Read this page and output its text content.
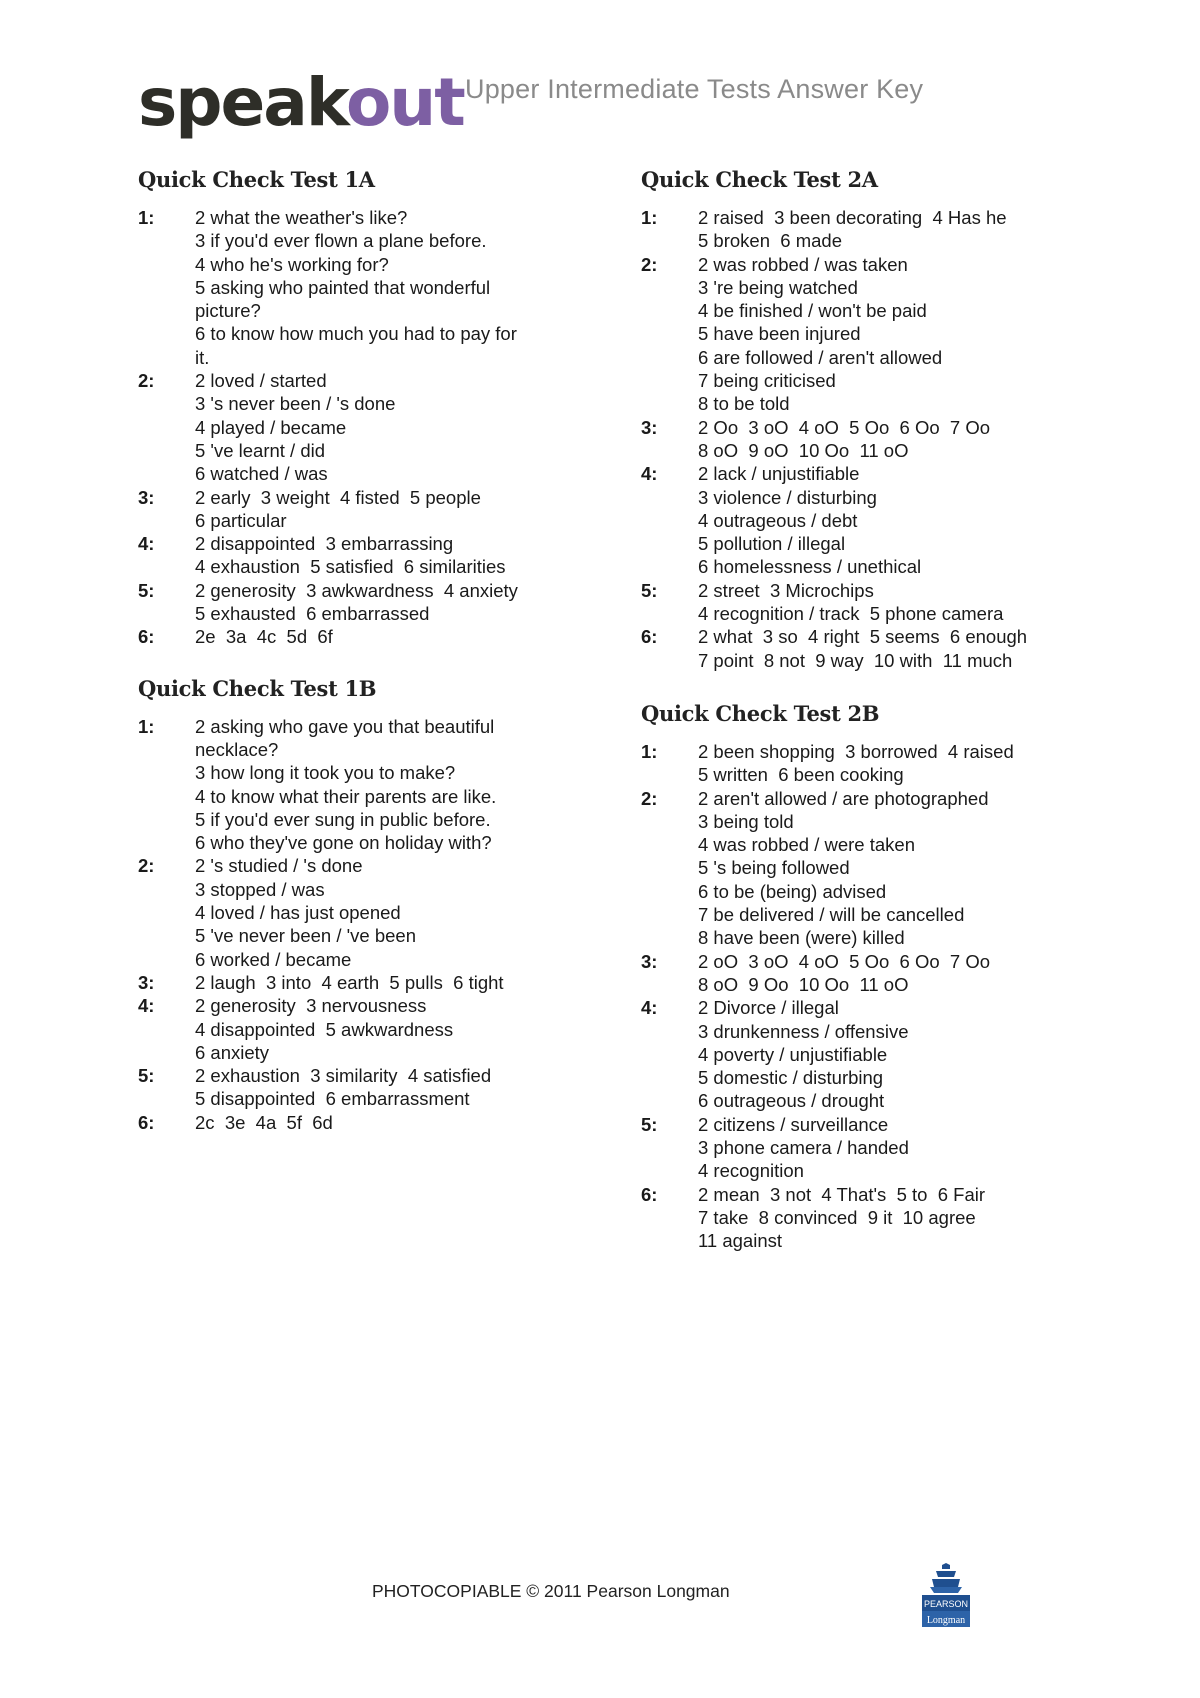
speakout Upper Intermediate Tests Answer Key
Quick Check Test 1A
1:	2 what the weather's like?
3 if you'd ever flown a plane before.
4 who he's working for?
5 asking who painted that wonderful
picture?
6 to know how much you had to pay for
it.
2:	2 loved / started
3 's never been / 's done
4 played / became
5 've learnt / did
6 watched / was
3:	2 early  3 weight  4 fisted  5 people
6 particular
4:	2 disappointed  3 embarrassing
4 exhaustion  5 satisfied  6 similarities
5:	2 generosity  3 awkwardness  4 anxiety
5 exhausted  6 embarrassed
6:	2e  3a  4c  5d  6f
Quick Check Test 1B
1:	2 asking who gave you that beautiful
necklace?
3 how long it took you to make?
4 to know what their parents are like.
5 if you'd ever sung in public before.
6 who they've gone on holiday with?
2:	2 's studied / 's done
3 stopped / was
4 loved / has just opened
5 've never been / 've been
6 worked / became
3:	2 laugh  3 into  4 earth  5 pulls  6 tight
4:	2 generosity  3 nervousness
4 disappointed  5 awkwardness
6 anxiety
5:	2 exhaustion  3 similarity  4 satisfied
5 disappointed  6 embarrassment
6:	2c  3e  4a  5f  6d
Quick Check Test 2A
1:	2 raised  3 been decorating  4 Has he
5 broken  6 made
2:	2 was robbed / was taken
3 're being watched
4 be finished / won't be paid
5 have been injured
6 are followed / aren't allowed
7 being criticised
8 to be told
3:	2 Oo  3 oO  4 oO  5 Oo  6 Oo  7 Oo
8 oO  9 oO  10 Oo  11 oO
4:	2 lack / unjustifiable
3 violence / disturbing
4 outrageous / debt
5 pollution / illegal
6 homelessness / unethical
5:	2 street  3 Microchips
4 recognition / track  5 phone camera
6:	2 what  3 so  4 right  5 seems  6 enough
7 point  8 not  9 way  10 with  11 much
Quick Check Test 2B
1:	2 been shopping  3 borrowed  4 raised
5 written  6 been cooking
2:	2 aren't allowed / are photographed
3 being told
4 was robbed / were taken
5 's being followed
6 to be (being) advised
7 be delivered / will be cancelled
8 have been (were) killed
3:	2 oO  3 oO  4 oO  5 Oo  6 Oo  7 Oo
8 oO  9 Oo  10 Oo  11 oO
4:	2 Divorce / illegal
3 drunkenness / offensive
4 poverty / unjustifiable
5 domestic / disturbing
6 outrageous / drought
5:	2 citizens / surveillance
3 phone camera / handed
4 recognition
6:	2 mean  3 not  4 That's  5 to  6 Fair
7 take  8 convinced  9 it  10 agree
11 against
PHOTOCOPIABLE © 2011 Pearson Longman
PEARSON
Longman
